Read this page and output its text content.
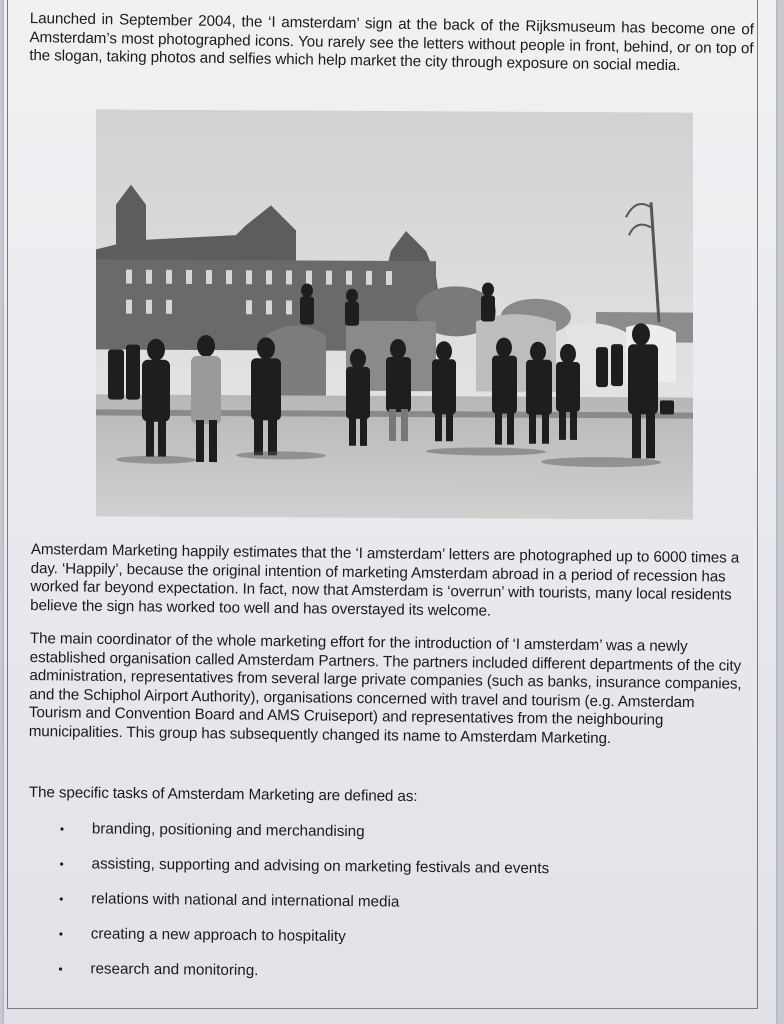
Launched in September 2004, the ‘I amsterdam’ sign at the back of the Rijksmuseum has become one of Amsterdam’s most photographed icons. You rarely see the letters without people in front, behind, or on top of the slogan, taking photos and selfies which help market the city through exposure on social media.
Amsterdam Marketing happily estimates that the ‘I amsterdam’ letters are photographed up to 6000 times a day. ‘Happily’, because the original intention of marketing Amsterdam abroad in a period of recession has worked far beyond expectation. In fact, now that Amsterdam is ‘overrun’ with tourists, many local residents believe the sign has worked too well and has overstayed its welcome.
The main coordinator of the whole marketing effort for the introduction of ‘I amsterdam’ was a newly established organisation called Amsterdam Partners. The partners included different departments of the city administration, representatives from several large private companies (such as banks, insurance companies, and the Schiphol Airport Authority), organisations concerned with travel and tourism (e.g. Amsterdam Tourism and Convention Board and AMS Cruiseport) and representatives from the neighbouring municipalities. This group has subsequently changed its name to Amsterdam Marketing.
The specific tasks of Amsterdam Marketing are defined as:
• branding, positioning and merchandising
• assisting, supporting and advising on marketing festivals and events
• relations with national and international media
• creating a new approach to hospitality
• research and monitoring.
